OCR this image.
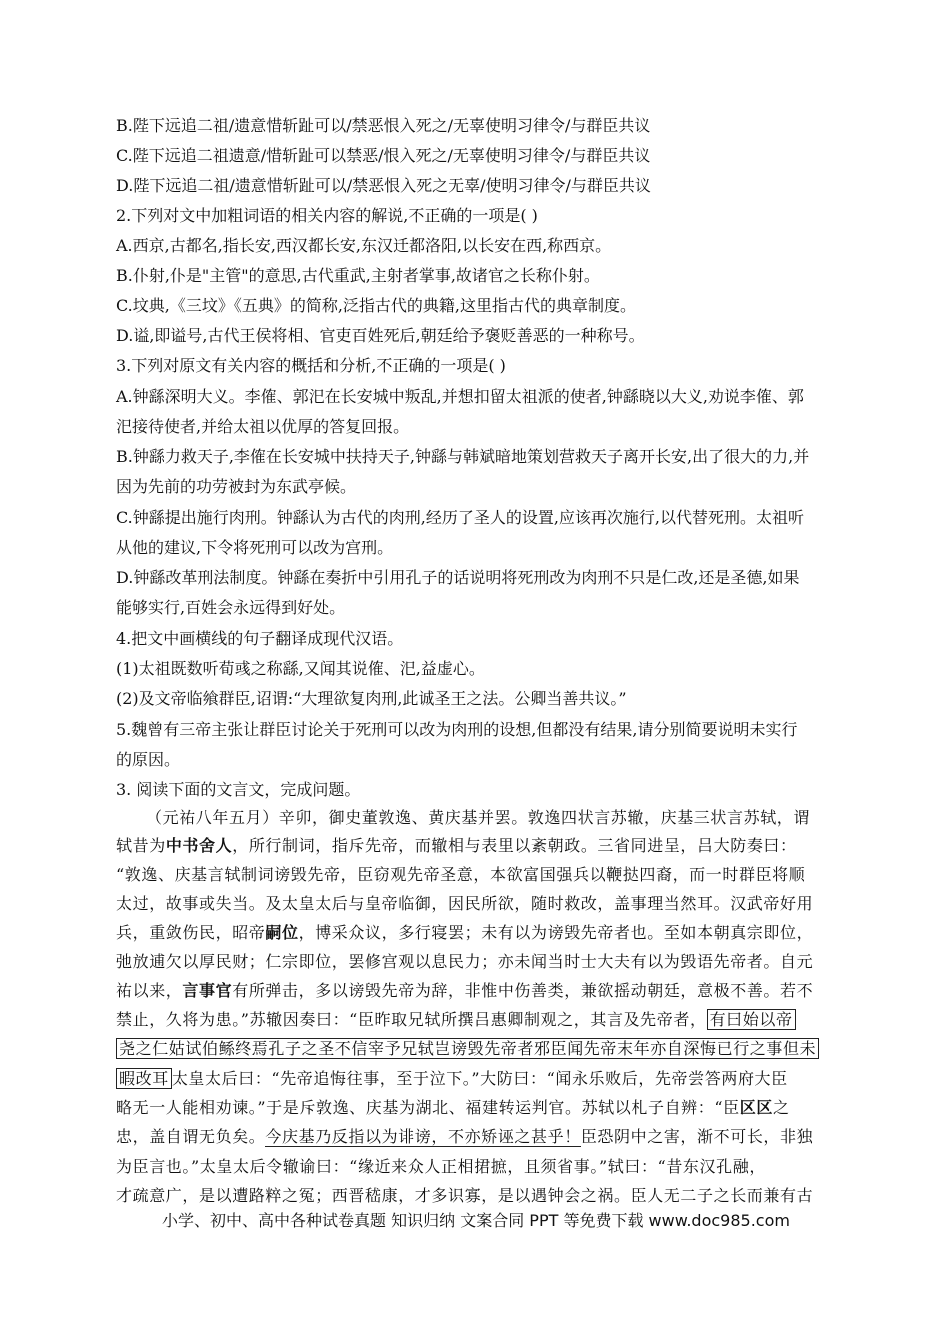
B.陛下远追二祖/遗意惜斩趾可以/禁恶恨入死之/无辜使明习律令/与群臣共议
C.陛下远追二祖遗意/惜斩趾可以禁恶/恨入死之/无辜使明习律令/与群臣共议
D.陛下远追二祖/遗意惜斩趾可以/禁恶恨入死之无辜/使明习律令/与群臣共议
2.下列对文中加粗词语的相关内容的解说,不正确的一项是( )
A.西京,古都名,指长安,西汉都长安,东汉迁都洛阳,以长安在西,称西京。
B.仆射,仆是"主管"的意思,古代重武,主射者掌事,故诸官之长称仆射。
C.坟典,《三坟》《五典》的简称,泛指古代的典籍,这里指古代的典章制度。
D.谥,即谥号,古代王侯将相、官吏百姓死后,朝廷给予褒贬善恶的一种称号。
3.下列对原文有关内容的概括和分析,不正确的一项是( )
A.钟繇深明大义。李傕、郭汜在长安城中叛乱,并想扣留太祖派的使者,钟繇晓以大义,劝说李傕、郭
汜接待使者,并给太祖以优厚的答复回报。
B.钟繇力救天子,李傕在长安城中扶持天子,钟繇与韩斌暗地策划营救天子离开长安,出了很大的力,并
因为先前的功劳被封为东武亭候。
C.钟繇提出施行肉刑。钟繇认为古代的肉刑,经历了圣人的设置,应该再次施行,以代替死刑。太祖听
从他的建议,下令将死刑可以改为宫刑。
D.钟繇改革刑法制度。钟繇在奏折中引用孔子的话说明将死刑改为肉刑不只是仁改,还是圣德,如果
能够实行,百姓会永远得到好处。
4.把文中画横线的句子翻译成现代汉语。
(1)太祖既数听荀彧之称繇,又闻其说傕、汜,益虚心。
(2)及文帝临飨群臣,诏谓:“大理欲复肉刑,此诚圣王之法。公卿当善共议。”
5.魏曾有三帝主张让群臣讨论关于死刑可以改为肉刑的设想,但都没有结果,请分别简要说明未实行
的原因。
3. 阅读下面的文言文，完成问题。
（元祐八年五月）辛卯，御史董敦逸、黄庆基并罢。敦逸四状言苏辙，庆基三状言苏轼，谓
轼昔为中书舍人，所行制词，指斥先帝，而辙相与表里以紊朝政。三省同进呈，吕大防奏曰：
“敦逸、庆基言轼制词谤毁先帝，臣窃观先帝圣意，本欲富国强兵以鞭挞四裔，而一时群臣将顺
太过，故事或失当。及太皇太后与皇帝临御，因民所欲，随时救改，盖事理当然耳。汉武帝好用
兵，重敛伤民，昭帝嗣位，博采众议，多行寝罢；未有以为谤毁先帝者也。至如本朝真宗即位，
弛放逋欠以厚民财；仁宗即位，罢修宫观以息民力；亦未闻当时士大夫有以为毁语先帝者。自元
祐以来，言事官有所弹击，多以谤毁先帝为辞，非惟中伤善类，兼欲摇动朝廷，意极不善。若不
禁止，久将为患。”苏辙因奏曰：“臣昨取兄轼所撰吕惠卿制观之，其言及先帝者， 有曰始以帝
尧之仁姑试伯鲧终焉孔子之圣不信宰予兄轼岂谤毁先帝者邪臣闻先帝末年亦自深悔已行之事但未
暇改耳 太皇太后曰：“先帝追悔往事，至于泣下。”大防曰：“闻永乐败后，先帝尝答两府大臣
略无一人能相劝谏。”于是斥敦逸、庆基为湖北、福建转运判官。苏轼以札子自辨：“臣区区之
忠，盖自谓无负矣。今庆基乃反指以为诽谤，不亦矫诬之甚乎！臣恐阴中之害，渐不可长，非独
为臣言也。”太皇太后令辙谕曰：“缘近来众人正相捃摭，且须省事。”轼曰：“昔东汉孔融，
才疏意广，是以遭路粹之冤；西晋嵇康，才多识寡，是以遇钟会之祸。臣人无二子之长而兼有古
小学、初中、高中各种试卷真题 知识归纳 文案合同 PPT 等免费下载 www.doc985.com
